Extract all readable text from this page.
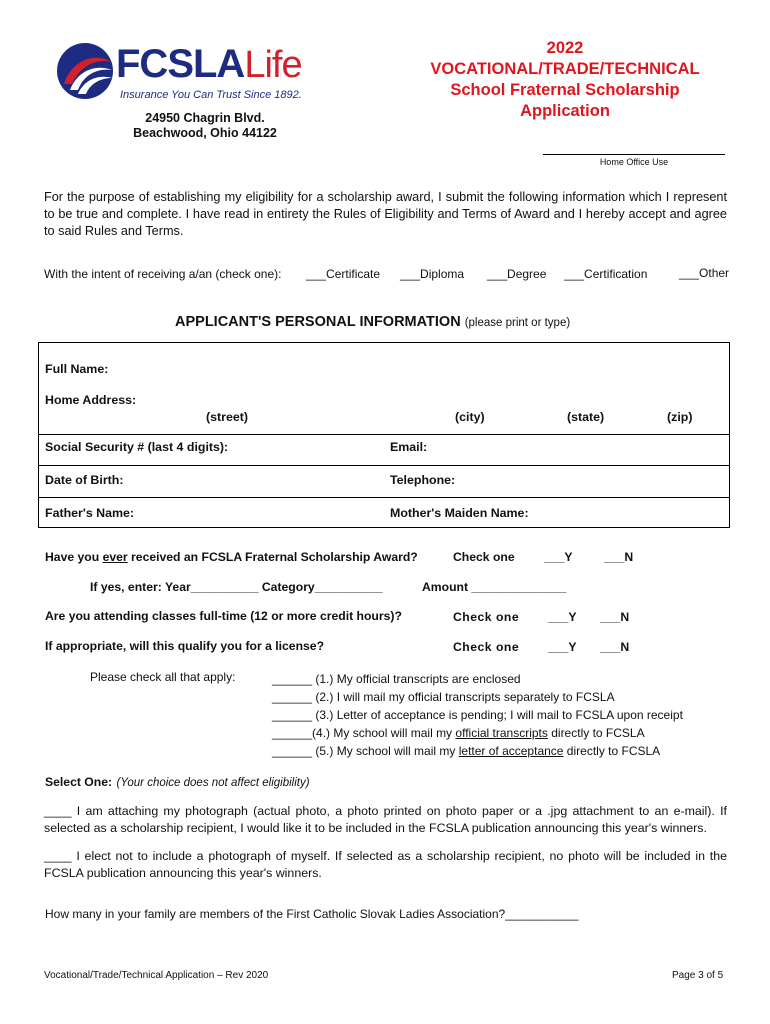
FCSLALife
Insurance You Can Trust Since 1892.
24950 Chagrin Blvd.
Beachwood, Ohio 44122
2022
VOCATIONAL/TRADE/TECHNICAL
School Fraternal Scholarship
Application
Home Office Use
For the purpose of establishing my eligibility for a scholarship award, I submit the following information which I represent to be true and complete. I have read in entirety the Rules of Eligibility and Terms of Award and I hereby accept and agree to said Rules and Terms.
With the intent of receiving a/an (check one): ___Certificate ___Diploma ___Degree ___Certification	___Other
APPLICANT'S PERSONAL INFORMATION (please print or type)
Full Name:
Home Address:
(street)	(city)	(state)	(zip)
Social Security # (last 4 digits):	Email:
Date of Birth:	Telephone:
Father's Name:	Mother's Maiden Name:
Have you ever received an FCSLA Fraternal Scholarship Award?	Check one ___Y	___N
If yes, enter: Year__________ Category__________	Amount ______________
Are you attending classes full-time (12 or more credit hours)?	Check one ___Y ___N
If appropriate, will this qualify you for a license?	Check one ___Y ___N
Please check all that apply:	______ (1.) My official transcripts are enclosed
______ (2.) I will mail my official transcripts separately to FCSLA
______ (3.) Letter of acceptance is pending; I will mail to FCSLA upon receipt
______(4.) My school will mail my official transcripts directly to FCSLA
______ (5.) My school will mail my letter of acceptance directly to FCSLA
Select One: (Your choice does not affect eligibility)
____ I am attaching my photograph (actual photo, a photo printed on photo paper or a .jpg attachment to an e-mail). If selected as a scholarship recipient, I would like it to be included in the FCSLA publication announcing this year's winners.
____ I elect not to include a photograph of myself. If selected as a scholarship recipient, no photo will be included in the FCSLA publication announcing this year's winners.
How many in your family are members of the First Catholic Slovak Ladies Association?___________
Vocational/Trade/Technical Application – Rev 2020	Page 3 of 5
